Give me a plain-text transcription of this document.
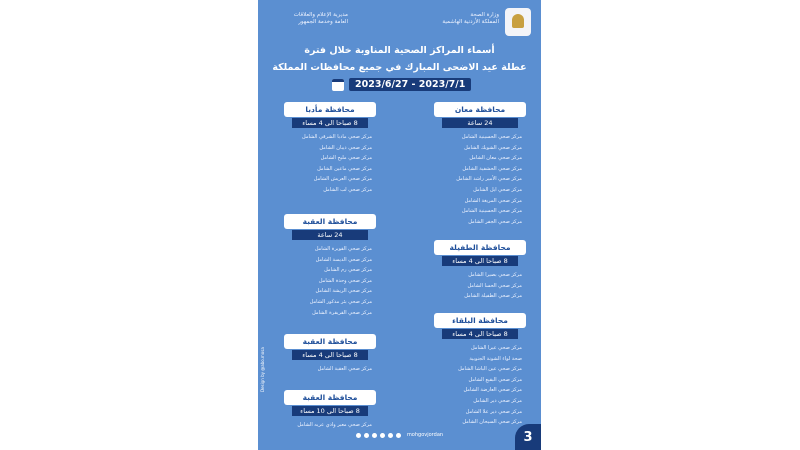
وزارة الصحة
المملكة الأردنية الهاشمية
مديرية الإعلام والعلاقات
العامة وخدمة الجمهور
أسماء المراكز الصحية المناوبة خلال فترة
عطلة عيد الاضحى المبارك في جميع محافظات المملكة
2023/6/27 - 2023/7/1
محافظة معان
24 ساعة
مركز صحي الحسينية الشامل
مركز صحي الشوبك الشامل
مركز صحي معان الشامل
مركز صحي الحشفية الشامل
مركز صحي الأمير راشد الشامل
مركز صحي ايل الشامل
مركز صحي المريغة الشامل
مركز صحي الحسينية الشامل
مركز صحي الجفر الشامل
محافظة الطفيلة
8 صباحا الى 4 مساء
مركز صحي بصيرا الشامل
مركز صحي الحسا الشامل
مركز صحي الطفيلة الشامل
محافظة البلقاء
8 صباحا الى 4 مساء
مركز صحي عيرا الشامل
صحة لواء الشونة الجنوبية
مركز صحي عين الباشا الشامل
مركز صحي البقيع الشامل
مركز صحي العارضة الشامل
مركز صحي دير الشامل
مركز صحي دير علا الشامل
مركز صحي السيحان الشامل
محافظة مأدبا
8 صباحا الى 4 مساء
مركز صحي مادبا الشرقي الشامل
مركز صحي ذيبان الشامل
مركز صحي مليح الشامل
مركز صحي ماعين الشامل
مركز صحي العريش الشامل
مركز صحي لب الشامل
محافظة العقبة
24 ساعة
مركز صحي القويرة الشامل
مركز صحي الديسة الشامل
مركز صحي رم الشامل
مركز صحي وحدة الشامل
مركز صحي الريشة الشامل
مركز صحي بئر مذكور الشامل
مركز صحي القريقرة الشامل
محافظة العقبة
8 صباحا الى 4 مساء
مركز صحي العقبة الشامل
محافظة العقبة
8 صباحا الى 10 مساء
مركز صحي معبر وادي عربه الشامل
Design by @abo.mosa
mohgovjordan	3
